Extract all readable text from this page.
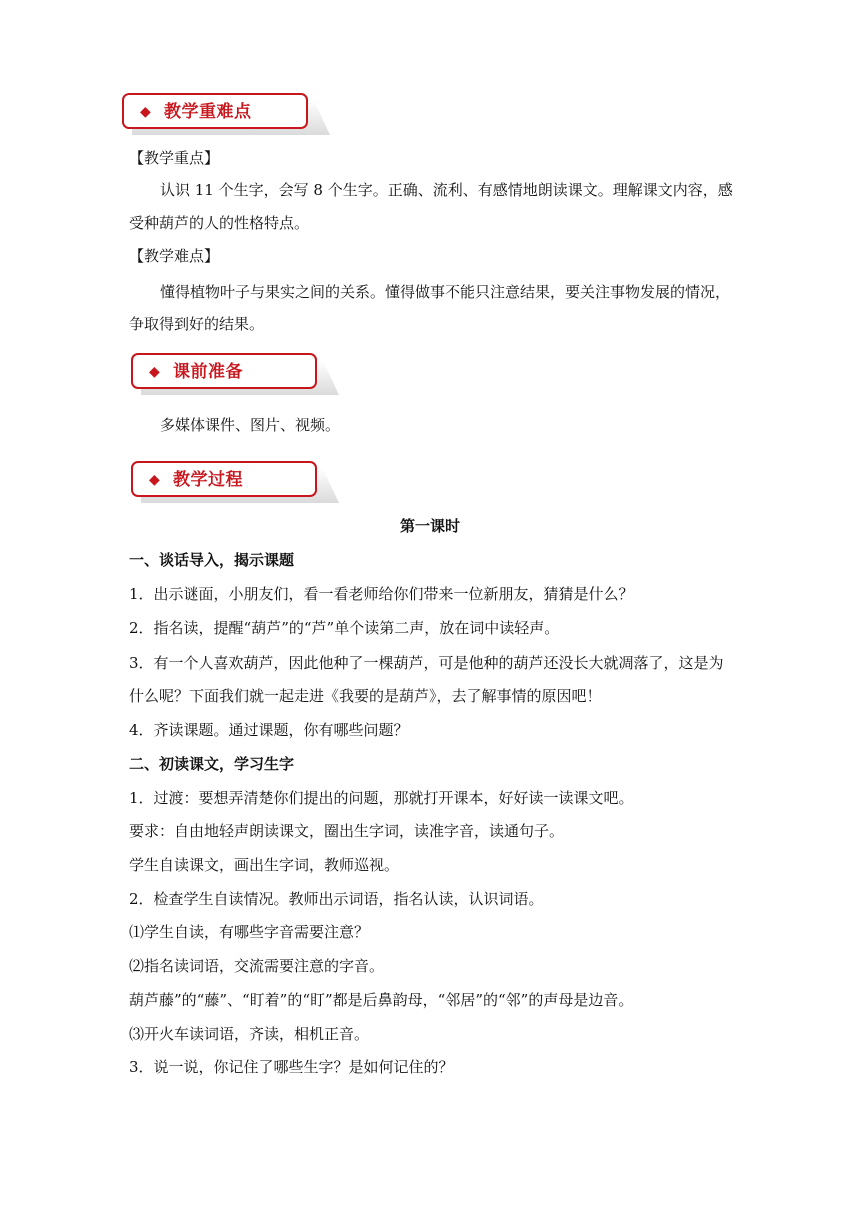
◆ 教学重难点

【教学重点】

认识 11 个生字，会写 8 个生字。正确、流利、有感情地朗读课文。理解课文内容，感

受种葫芦的人的性格特点。

【教学难点】

懂得植物叶子与果实之间的关系。懂得做事不能只注意结果，要关注事物发展的情况，

争取得到好的结果。

◆ 课前准备

多媒体课件、图片、视频。

◆ 教学过程

第一课时

一、谈话导入，揭示课题

1．出示谜面，小朋友们，看一看老师给你们带来一位新朋友，猜猜是什么？

2．指名读，提醒“葫芦”的“芦”单个读第二声，放在词中读轻声。

3．有一个人喜欢葫芦，因此他种了一棵葫芦，可是他种的葫芦还没长大就凋落了，这是为

什么呢？下面我们就一起走进《我要的是葫芦》，去了解事情的原因吧！

4．齐读课题。通过课题，你有哪些问题？

二、初读课文，学习生字

1．过渡：要想弄清楚你们提出的问题，那就打开课本，好好读一读课文吧。

要求：自由地轻声朗读课文，圈出生字词，读准字音，读通句子。

学生自读课文，画出生字词，教师巡视。

2．检查学生自读情况。教师出示词语，指名认读，认识词语。

⑴学生自读，有哪些字音需要注意？

⑵指名读词语，交流需要注意的字音。

葫芦藤”的“藤”、“盯着”的“盯”都是后鼻韵母，“邻居”的“邻”的声母是边音。

⑶开火车读词语，齐读，相机正音。

3．说一说，你记住了哪些生字？是如何记住的？
